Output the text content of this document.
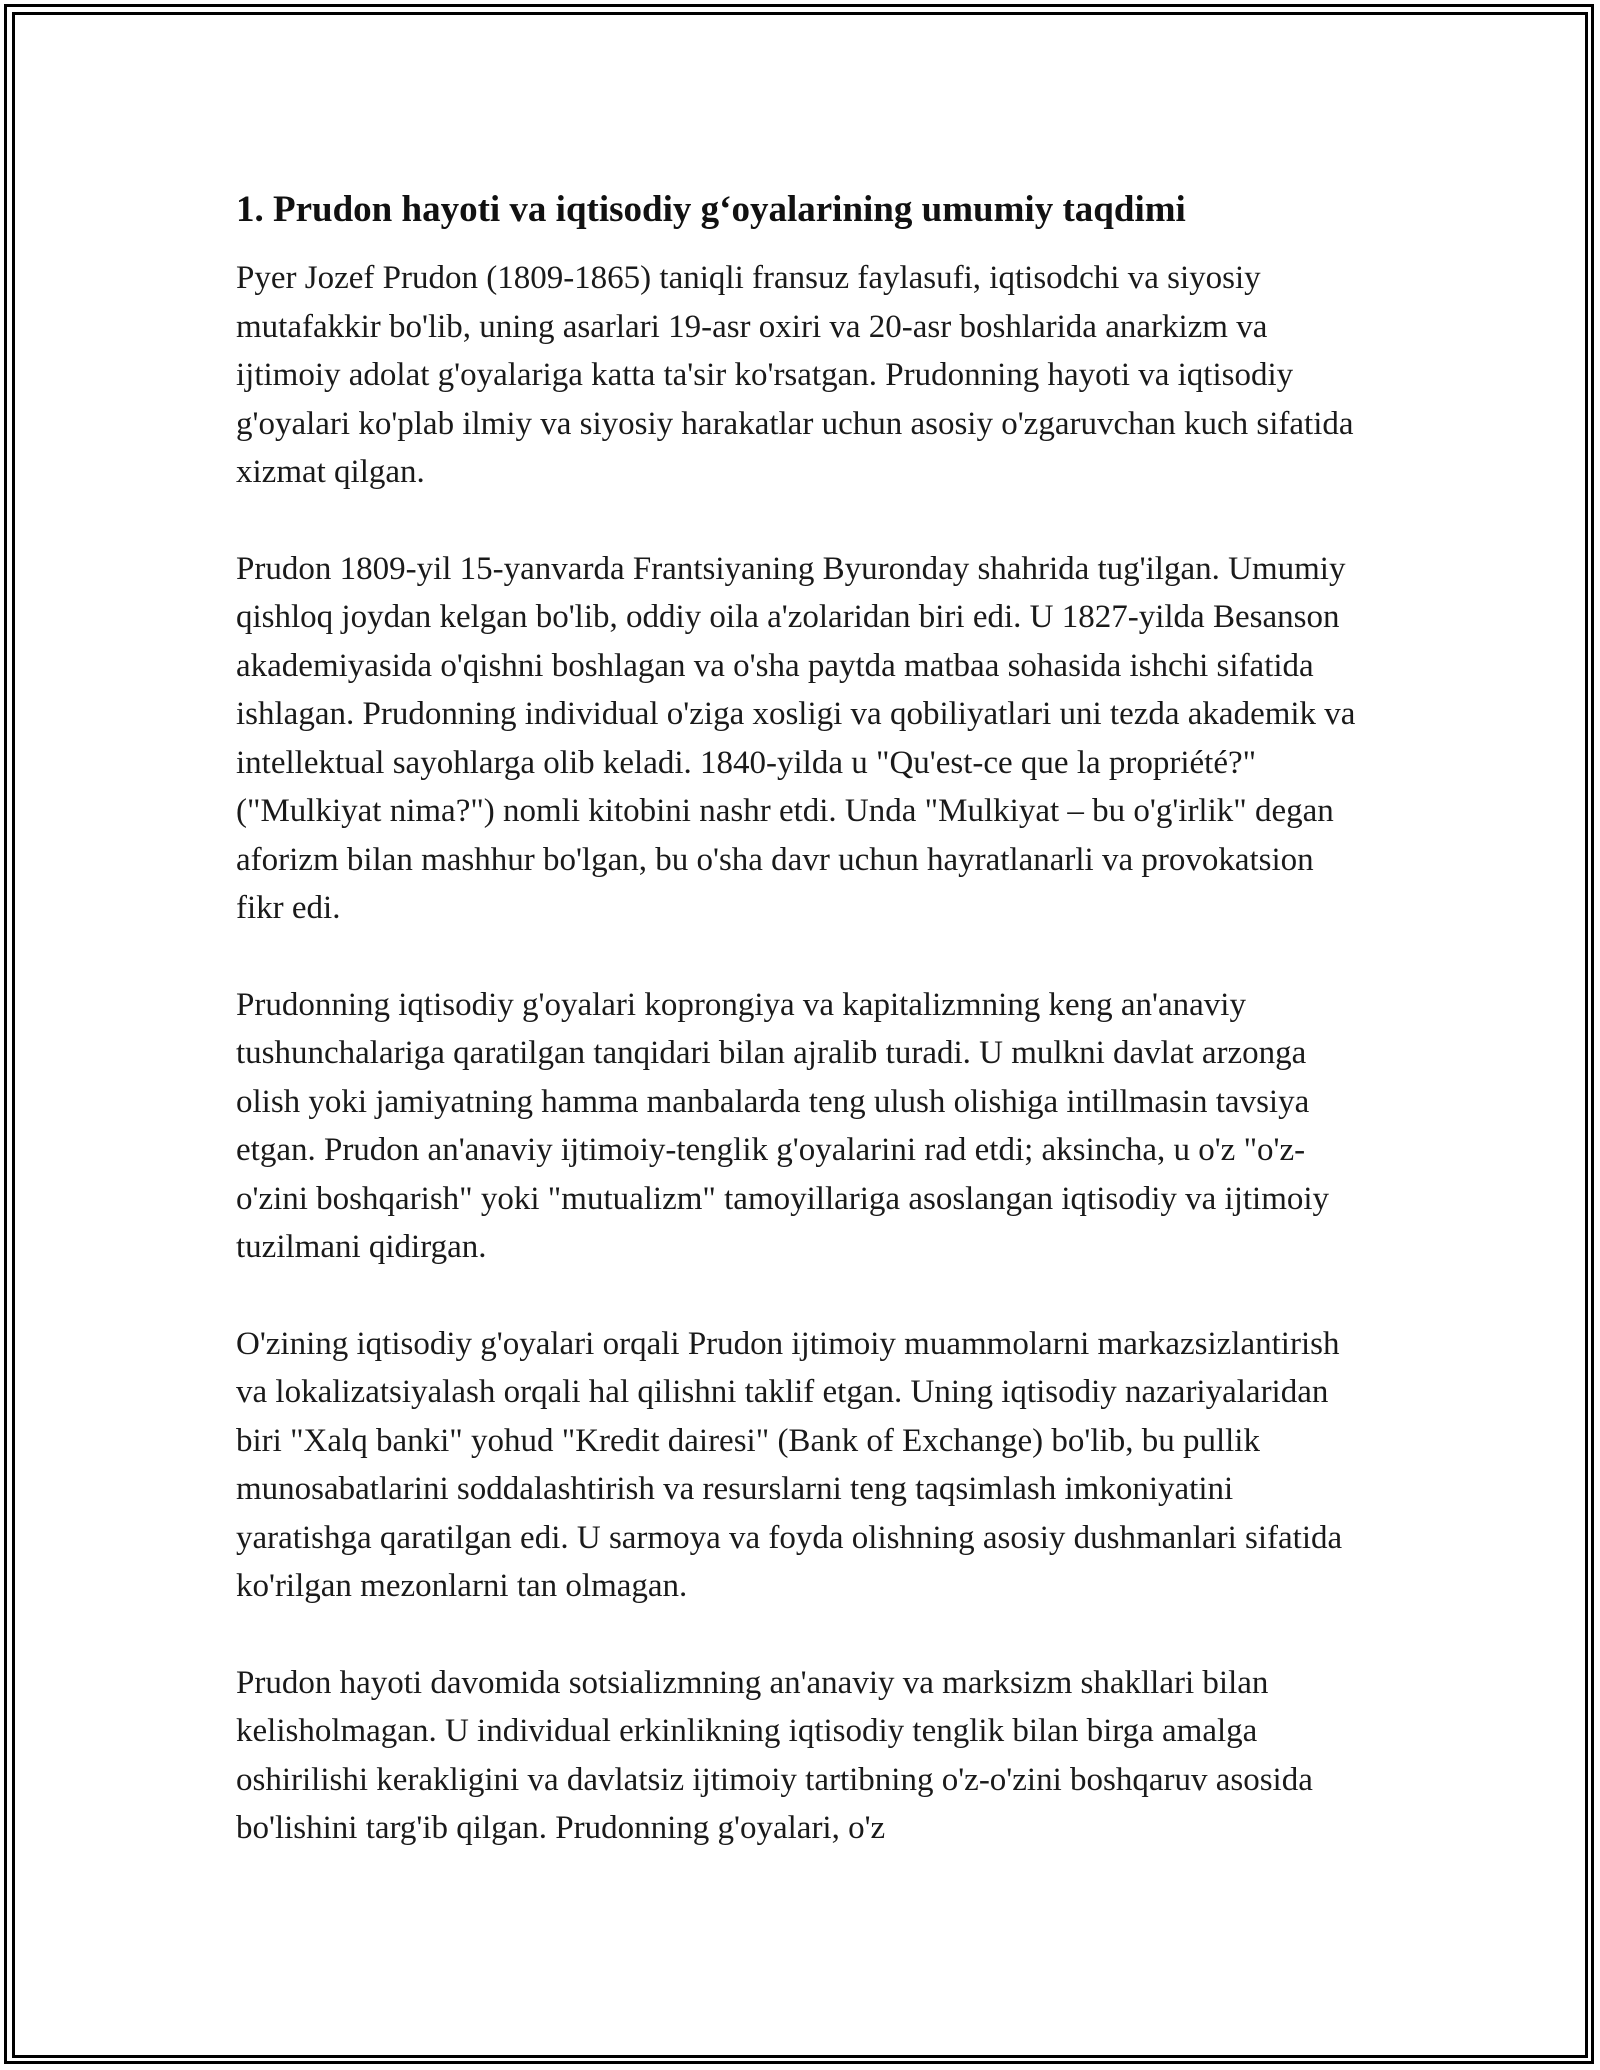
1. Prudon hayoti va iqtisodiy g‘oyalarining umumiy taqdimi

Pyer Jozef Prudon (1809-1865) taniqli fransuz faylasufi, iqtisodchi va siyosiy mutafakkir bo'lib, uning asarlari 19-asr oxiri va 20-asr boshlarida anarkizm va ijtimoiy adolat g'oyalariga katta ta'sir ko'rsatgan. Prudonning hayoti va iqtisodiy g'oyalari ko'plab ilmiy va siyosiy harakatlar uchun asosiy o'zgaruvchan kuch sifatida xizmat qilgan.

Prudon 1809-yil 15-yanvarda Frantsiyaning Byuronday shahrida tug'ilgan. Umumiy qishloq joydan kelgan bo'lib, oddiy oila a'zolaridan biri edi. U 1827-yilda Besanson akademiyasida o'qishni boshlagan va o'sha paytda matbaa sohasida ishchi sifatida ishlagan. Prudonning individual o'ziga xosligi va qobiliyatlari uni tezda akademik va intellektual sayohlarga olib keladi. 1840-yilda u "Qu'est-ce que la propriété?" ("Mulkiyat nima?") nomli kitobini nashr etdi. Unda "Mulkiyat – bu o'g'irlik" degan aforizm bilan mashhur bo'lgan, bu o'sha davr uchun hayratlanarli va provokatsion fikr edi.

Prudonning iqtisodiy g'oyalari koprongiya va kapitalizmning keng an'anaviy tushunchalariga qaratilgan tanqidari bilan ajralib turadi. U mulkni davlat arzonga olish yoki jamiyatning hamma manbalarda teng ulush olishiga intillmasin tavsiya etgan. Prudon an'anaviy ijtimoiy-tenglik g'oyalarini rad etdi; aksincha, u o'z "o'z-o'zini boshqarish" yoki "mutualizm" tamoyillariga asoslangan iqtisodiy va ijtimoiy tuzilmani qidirgan.

O'zining iqtisodiy g'oyalari orqali Prudon ijtimoiy muammolarni markazsizlantirish va lokalizatsiyalash orqali hal qilishni taklif etgan. Uning iqtisodiy nazariyalaridan biri "Xalq banki" yohud "Kredit dairesi" (Bank of Exchange) bo'lib, bu pullik munosabatlarini soddalashtirish va resurslarni teng taqsimlash imkoniyatini yaratishga qaratilgan edi. U sarmoya va foyda olishning asosiy dushmanlari sifatida ko'rilgan mezonlarni tan olmagan.

Prudon hayoti davomida sotsializmning an'anaviy va marksizm shakllari bilan kelisholmagan. U individual erkinlikning iqtisodiy tenglik bilan birga amalga oshirilishi kerakligini va davlatsiz ijtimoiy tartibning o'z-o'zini boshqaruv asosida bo'lishini targ'ib qilgan. Prudonning g'oyalari, o'z
